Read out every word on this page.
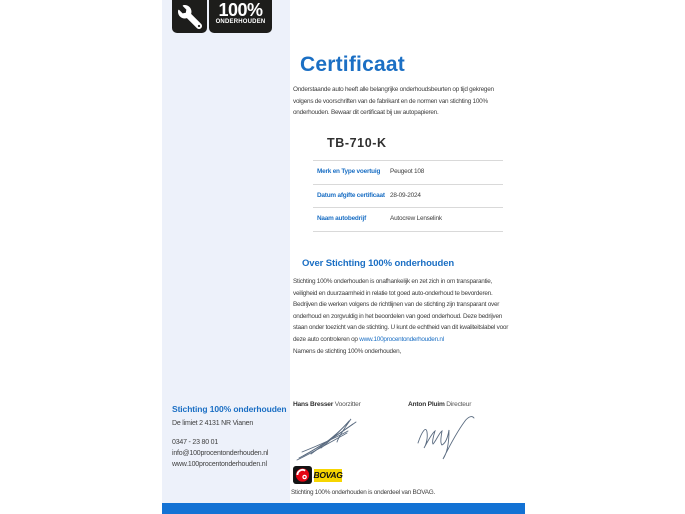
100%
ONDERHOUDEN
Certificaat
Onderstaande auto heeft alle belangrijke onderhoudsbeurten op tijd gekregen volgens de voorschriften van de fabrikant en de normen van stichting 100% onderhouden. Bewaar dit certificaat bij uw autopapieren.
TB-710-K
Merk en Type voertuig Peugeot 108
Datum afgifte certificaat 28-09-2024
Naam autobedrijf	Autocrew Lenselink
Over Stichting 100% onderhouden
Stichting 100% onderhouden is onafhankelijk en zet zich in om transparantie, veiligheid en duurzaamheid in relatie tot goed auto-onderhoud te bevorderen. Bedrijven die werken volgens de richtlijnen van de stichting zijn transparant over onderhoud en zorgvuldig in het beoordelen van goed onderhoud. Deze bedrijven staan onder toezicht van de stichting. U kunt de echtheid van dit kwaliteitslabel voor deze auto controleren op www.100procentonderhouden.nl
Namens de stichting 100% onderhouden,
Stichting 100% onderhouden
De limiet 2 4131 NR Vianen
0347 - 23 80 01
info@100procentonderhouden.nl
www.100procentonderhouden.nl
Hans Bresser Voorzitter	Anton Pluim Directeur
BOVAG
Stichting 100% onderhouden is onderdeel van BOVAG.
